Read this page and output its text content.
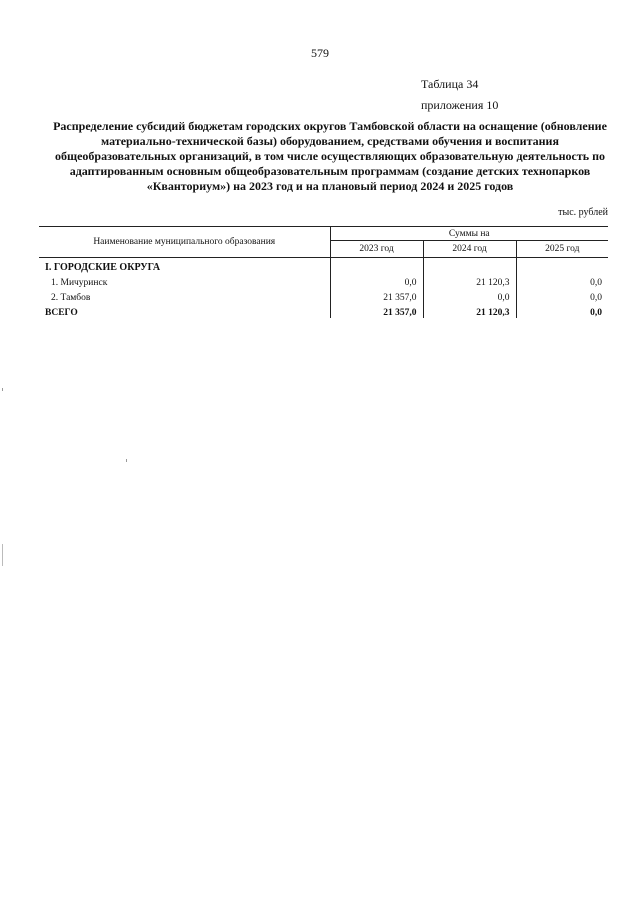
579
Таблица 34
приложения 10
Распределение субсидий бюджетам городских округов Тамбовской области на оснащение (обновление материально-технической базы) оборудованием, средствами обучения и воспитания общеобразовательных организаций, в том числе осуществляющих образовательную деятельность по адаптированным основным общеобразовательным программам (создание детских технопарков «Кванториум») на 2023 год и на плановый период 2024 и 2025 годов
тыс. рублей
Наименование муниципального образования	Суммы на		
	2023 год	2024 год	2025 год
I. ГОРОДСКИЕ ОКРУГА			
1. Мичуринск	0,0	21 120,3	0,0
2. Тамбов	21 357,0	0,0	0,0
ВСЕГО	21 357,0	21 120,3	0,0
